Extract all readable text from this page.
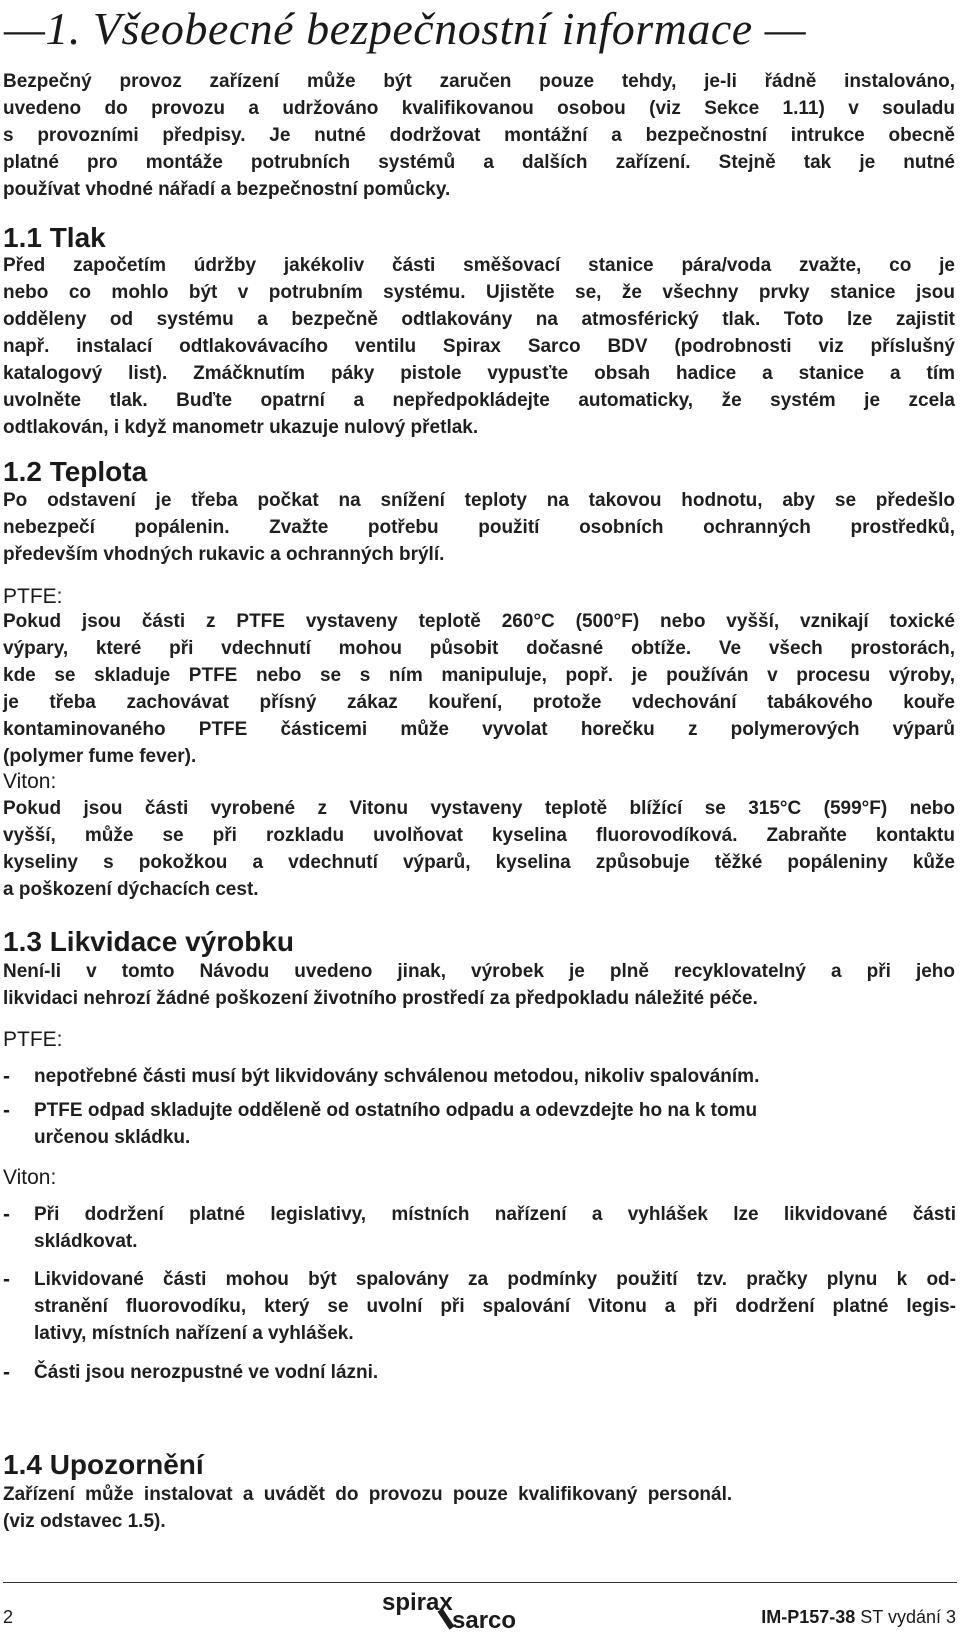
—1. Všeobecné bezpečnostní informace —
Bezpečný provoz zařízení může být zaručen pouze tehdy, je-li řádně instalováno,
uvedeno do provozu a udržováno kvalifikovanou osobou (viz Sekce 1.11) v souladu
s provozními předpisy. Je nutné dodržovat montážní a bezpečnostní intrukce obecně
platné pro montáže potrubních systémů a dalších zařízení. Stejně tak je nutné
používat vhodné nářadí a bezpečnostní pomůcky.
1.1 Tlak
Před započetím údržby jakékoliv části směšovací stanice pára/voda zvažte, co je
nebo co mohlo být v potrubním systému. Ujistěte se, že všechny prvky stanice jsou
odděleny od systému a bezpečně odtlakovány na atmosférický tlak. Toto lze zajistit
např. instalací odtlakovávacího ventilu Spirax Sarco BDV (podrobnosti viz příslušný
katalogový list). Zmáčknutím páky pistole vypusťte obsah hadice a stanice a tím
uvolněte tlak. Buďte opatrní a nepředpokládejte automaticky, že systém je zcela
odtlakován, i když manometr ukazuje nulový přetlak.
1.2 Teplota
Po odstavení je třeba počkat na snížení teploty na takovou hodnotu, aby se předešlo
nebezpečí popálenin. Zvažte potřebu použití osobních ochranných prostředků,
především vhodných rukavic a ochranných brýlí.
PTFE:
Pokud jsou části z PTFE vystaveny teplotě 260°C (500°F) nebo vyšší, vznikají toxické
výpary, které při vdechnutí mohou působit dočasné obtíže. Ve všech prostorách,
kde se skladuje PTFE nebo se s ním manipuluje, popř. je používán v procesu výroby,
je třeba zachovávat přísný zákaz kouření, protože vdechování tabákového kouře
kontaminovaného PTFE částicemi může vyvolat horečku z polymerových výparů
(polymer fume fever).
Viton:
Pokud jsou části vyrobené z Vitonu vystaveny teplotě blížící se 315°C (599°F) nebo
vyšší, může se při rozkladu uvolňovat kyselina fluorovodíková. Zabraňte kontaktu
kyseliny s pokožkou a vdechnutí výparů, kyselina způsobuje těžké popáleniny kůže
a poškození dýchacích cest.
1.3 Likvidace výrobku
Není-li v tomto Návodu uvedeno jinak, výrobek je plně recyklovatelný a při jeho
likvidaci nehrozí žádné poškození životního prostředí za předpokladu náležité péče.
PTFE:
- nepotřebné části musí být likvidovány schválenou metodou, nikoliv spalováním.
- PTFE odpad skladujte odděleně od ostatního odpadu a odevzdejte ho na k tomu
určenou skládku.
Viton:
- Při dodržení platné legislativy, místních nařízení a vyhlášek lze likvidované části
skládkovat.
- Likvidované části mohou být spalovány za podmínky použití tzv. pračky plynu k od-
stranění fluorovodíku, který se uvolní při spalování Vitonu a při dodržení platné legis-
lativy, místních nařízení a vyhlášek.
- Části jsou nerozpustné ve vodní lázni.
1.4 Upozornění
Zařízení může instalovat a uvádět do provozu pouze kvalifikovaný personál.
(viz odstavec 1.5).
2
spirax
sarco	IM-P157-38 ST vydání 3
